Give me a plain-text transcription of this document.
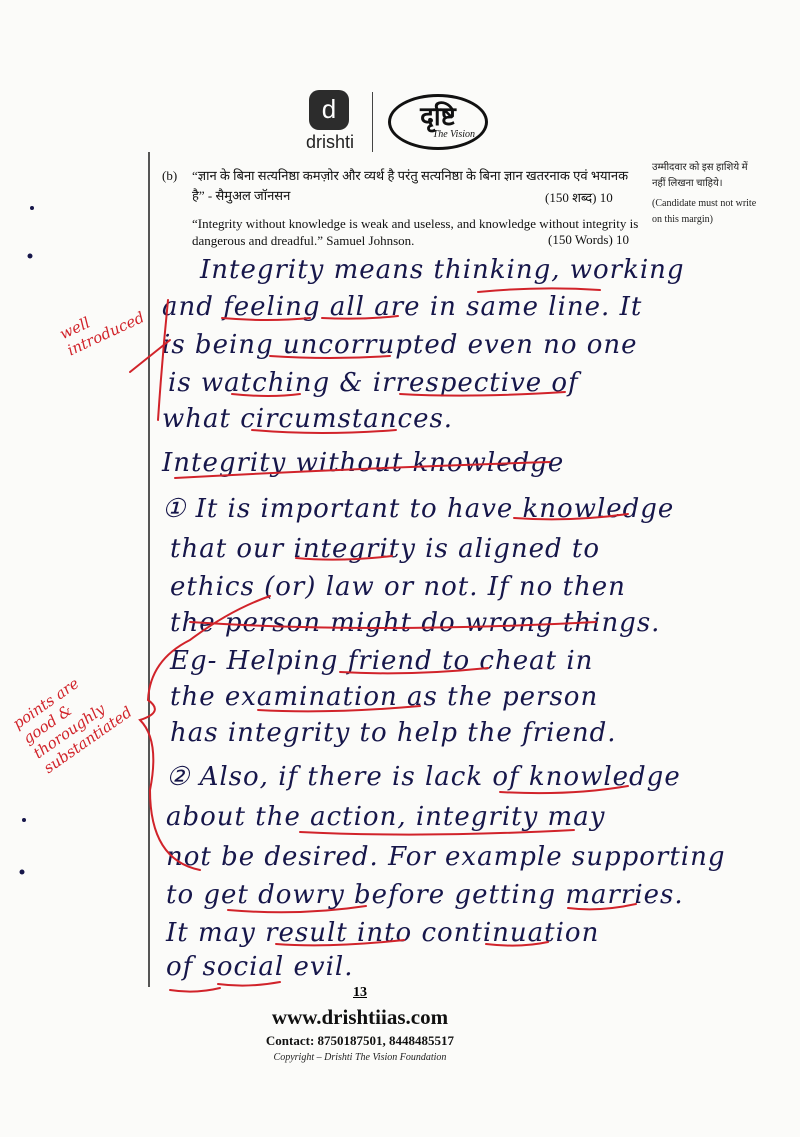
d
drishti
दृष्टि
The Vision
(b) “ज्ञान के बिना सत्यनिष्ठा कमज़ोर और व्यर्थ है परंतु सत्यनिष्ठा के बिना ज्ञान खतरनाक एवं भयानक है” - सैमुअल जॉनसन	(150 शब्द) 10
“Integrity without knowledge is weak and useless, and knowledge without integrity is dangerous and dreadful.” Samuel Johnson.	(150 Words) 10
उम्मीदवार को इस हाशिये में नहीं लिखना चाहिये।
(Candidate must not write on this margin)
Integrity means thinking, working
and feeling all are in same line. It
is being uncorrupted even no one
is watching & irrespective of
what circumstances.
Integrity without knowledge
① It is important to have knowledge
that our integrity is aligned to
ethics (or) law or not. If no then
the person might do wrong things.
Eg- Helping friend to cheat in
the examination as the person
has integrity to help the friend.
② Also, if there is lack of knowledge
about the action, integrity may
not be desired. For example supporting
to get dowry before getting marries.
It may result into continuation
of social evil.
well introduced
points are good & thoroughly substantiated
13
www.drishtiias.com
Contact: 8750187501, 8448485517
Copyright – Drishti The Vision Foundation
